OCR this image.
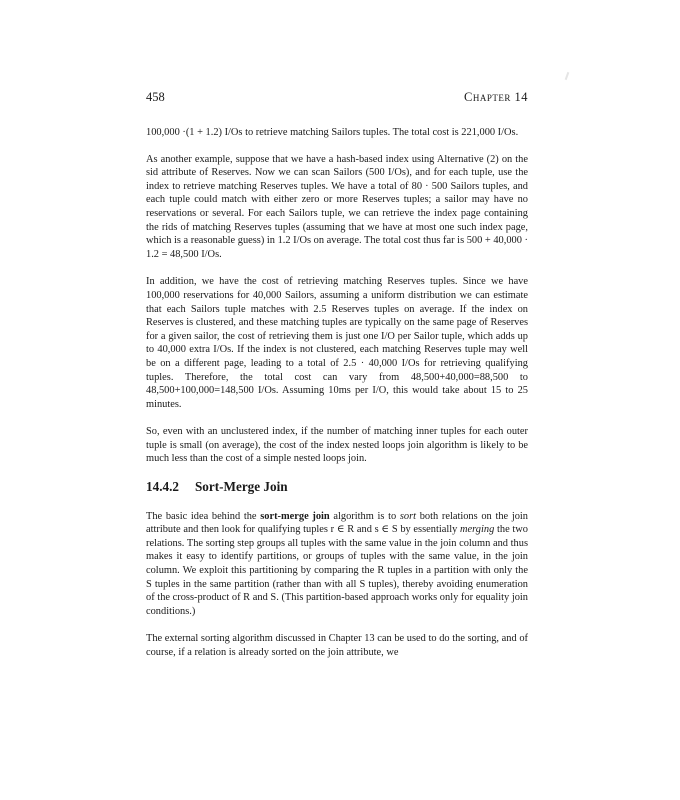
458	Chapter 14

100,000 ·(1 + 1.2) I/Os to retrieve matching Sailors tuples. The total cost is 221,000 I/Os.

As another example, suppose that we have a hash-based index using Alternative (2) on the sid attribute of Reserves. Now we can scan Sailors (500 I/Os), and for each tuple, use the index to retrieve matching Reserves tuples. We have a total of 80 · 500 Sailors tuples, and each tuple could match with either zero or more Reserves tuples; a sailor may have no reservations or several. For each Sailors tuple, we can retrieve the index page containing the rids of matching Reserves tuples (assuming that we have at most one such index page, which is a reasonable guess) in 1.2 I/Os on average. The total cost thus far is 500 + 40,000 · 1.2 = 48,500 I/Os.

In addition, we have the cost of retrieving matching Reserves tuples. Since we have 100,000 reservations for 40,000 Sailors, assuming a uniform distribution we can estimate that each Sailors tuple matches with 2.5 Reserves tuples on average. If the index on Reserves is clustered, and these matching tuples are typically on the same page of Reserves for a given sailor, the cost of retrieving them is just one I/O per Sailor tuple, which adds up to 40,000 extra I/Os. If the index is not clustered, each matching Reserves tuple may well be on a different page, leading to a total of 2.5 · 40,000 I/Os for retrieving qualifying tuples. Therefore, the total cost can vary from 48,500+40,000=88,500 to 48,500+100,000=148,500 I/Os. Assuming 10ms per I/O, this would take about 15 to 25 minutes.

So, even with an unclustered index, if the number of matching inner tuples for each outer tuple is small (on average), the cost of the index nested loops join algorithm is likely to be much less than the cost of a simple nested loops join.

14.4.2 Sort-Merge Join

The basic idea behind the sort-merge join algorithm is to sort both relations on the join attribute and then look for qualifying tuples r ∈ R and s ∈ S by essentially merging the two relations. The sorting step groups all tuples with the same value in the join column and thus makes it easy to identify partitions, or groups of tuples with the same value, in the join column. We exploit this partitioning by comparing the R tuples in a partition with only the S tuples in the same partition (rather than with all S tuples), thereby avoiding enumeration of the cross-product of R and S. (This partition-based approach works only for equality join conditions.)

The external sorting algorithm discussed in Chapter 13 can be used to do the sorting, and of course, if a relation is already sorted on the join attribute, we
